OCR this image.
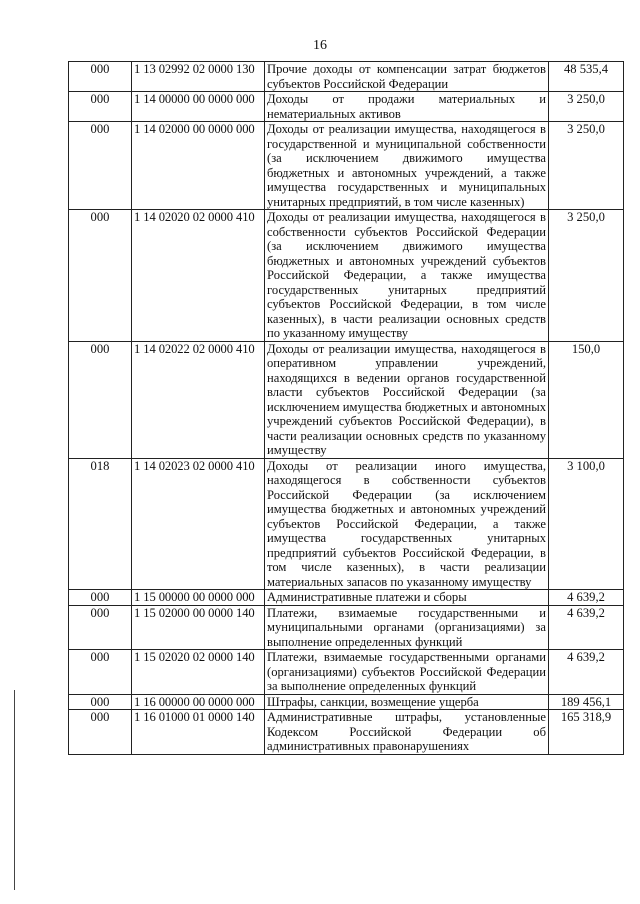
16
000	1 13 02992 02 0000 130	Прочие доходы от компенсации затрат бюджетов субъектов Российской Федерации	48 535,4
000	1 14 00000 00 0000 000	Доходы от продажи материальных и нематериальных активов	3 250,0
000	1 14 02000 00 0000 000	Доходы от реализации имущества, находящегося в государственной и муниципальной собственности (за исключением движимого имущества бюджетных и автономных учреждений, а также имущества государственных и муниципальных унитарных предприятий, в том числе казенных)	3 250,0
000	1 14 02020 02 0000 410	Доходы от реализации имущества, находящегося в собственности субъектов Российской Федерации (за исключением движимого имущества бюджетных и автономных учреждений субъектов Российской Федерации, а также имущества государственных унитарных предприятий субъектов Российской Федерации, в том числе казенных), в части реализации основных средств по указанному имуществу	3 250,0
000	1 14 02022 02 0000 410	Доходы от реализации имущества, находящегося в оперативном управлении учреждений, находящихся в ведении органов государственной власти субъектов Российской Федерации (за исключением имущества бюджетных и автономных учреждений субъектов Российской Федерации), в части реализации основных средств по указанному имуществу	150,0
018	1 14 02023 02 0000 410	Доходы от реализации иного имущества, находящегося в собственности субъектов Российской Федерации (за исключением имущества бюджетных и автономных учреждений субъектов Российской Федерации, а также имущества государственных унитарных предприятий субъектов Российской Федерации, в том числе казенных), в части реализации материальных запасов по указанному имуществу	3 100,0
000	1 15 00000 00 0000 000	Административные платежи и сборы	4 639,2
000	1 15 02000 00 0000 140	Платежи, взимаемые государственными и муниципальными органами (организациями) за выполнение определенных функций	4 639,2
000	1 15 02020 02 0000 140	Платежи, взимаемые государственными органами (организациями) субъектов Российской Федерации за выполнение определенных функций	4 639,2
000	1 16 00000 00 0000 000	Штрафы, санкции, возмещение ущерба	189 456,1
000	1 16 01000 01 0000 140	Административные штрафы, установленные Кодексом Российской Федерации об административных правонарушениях	165 318,9
